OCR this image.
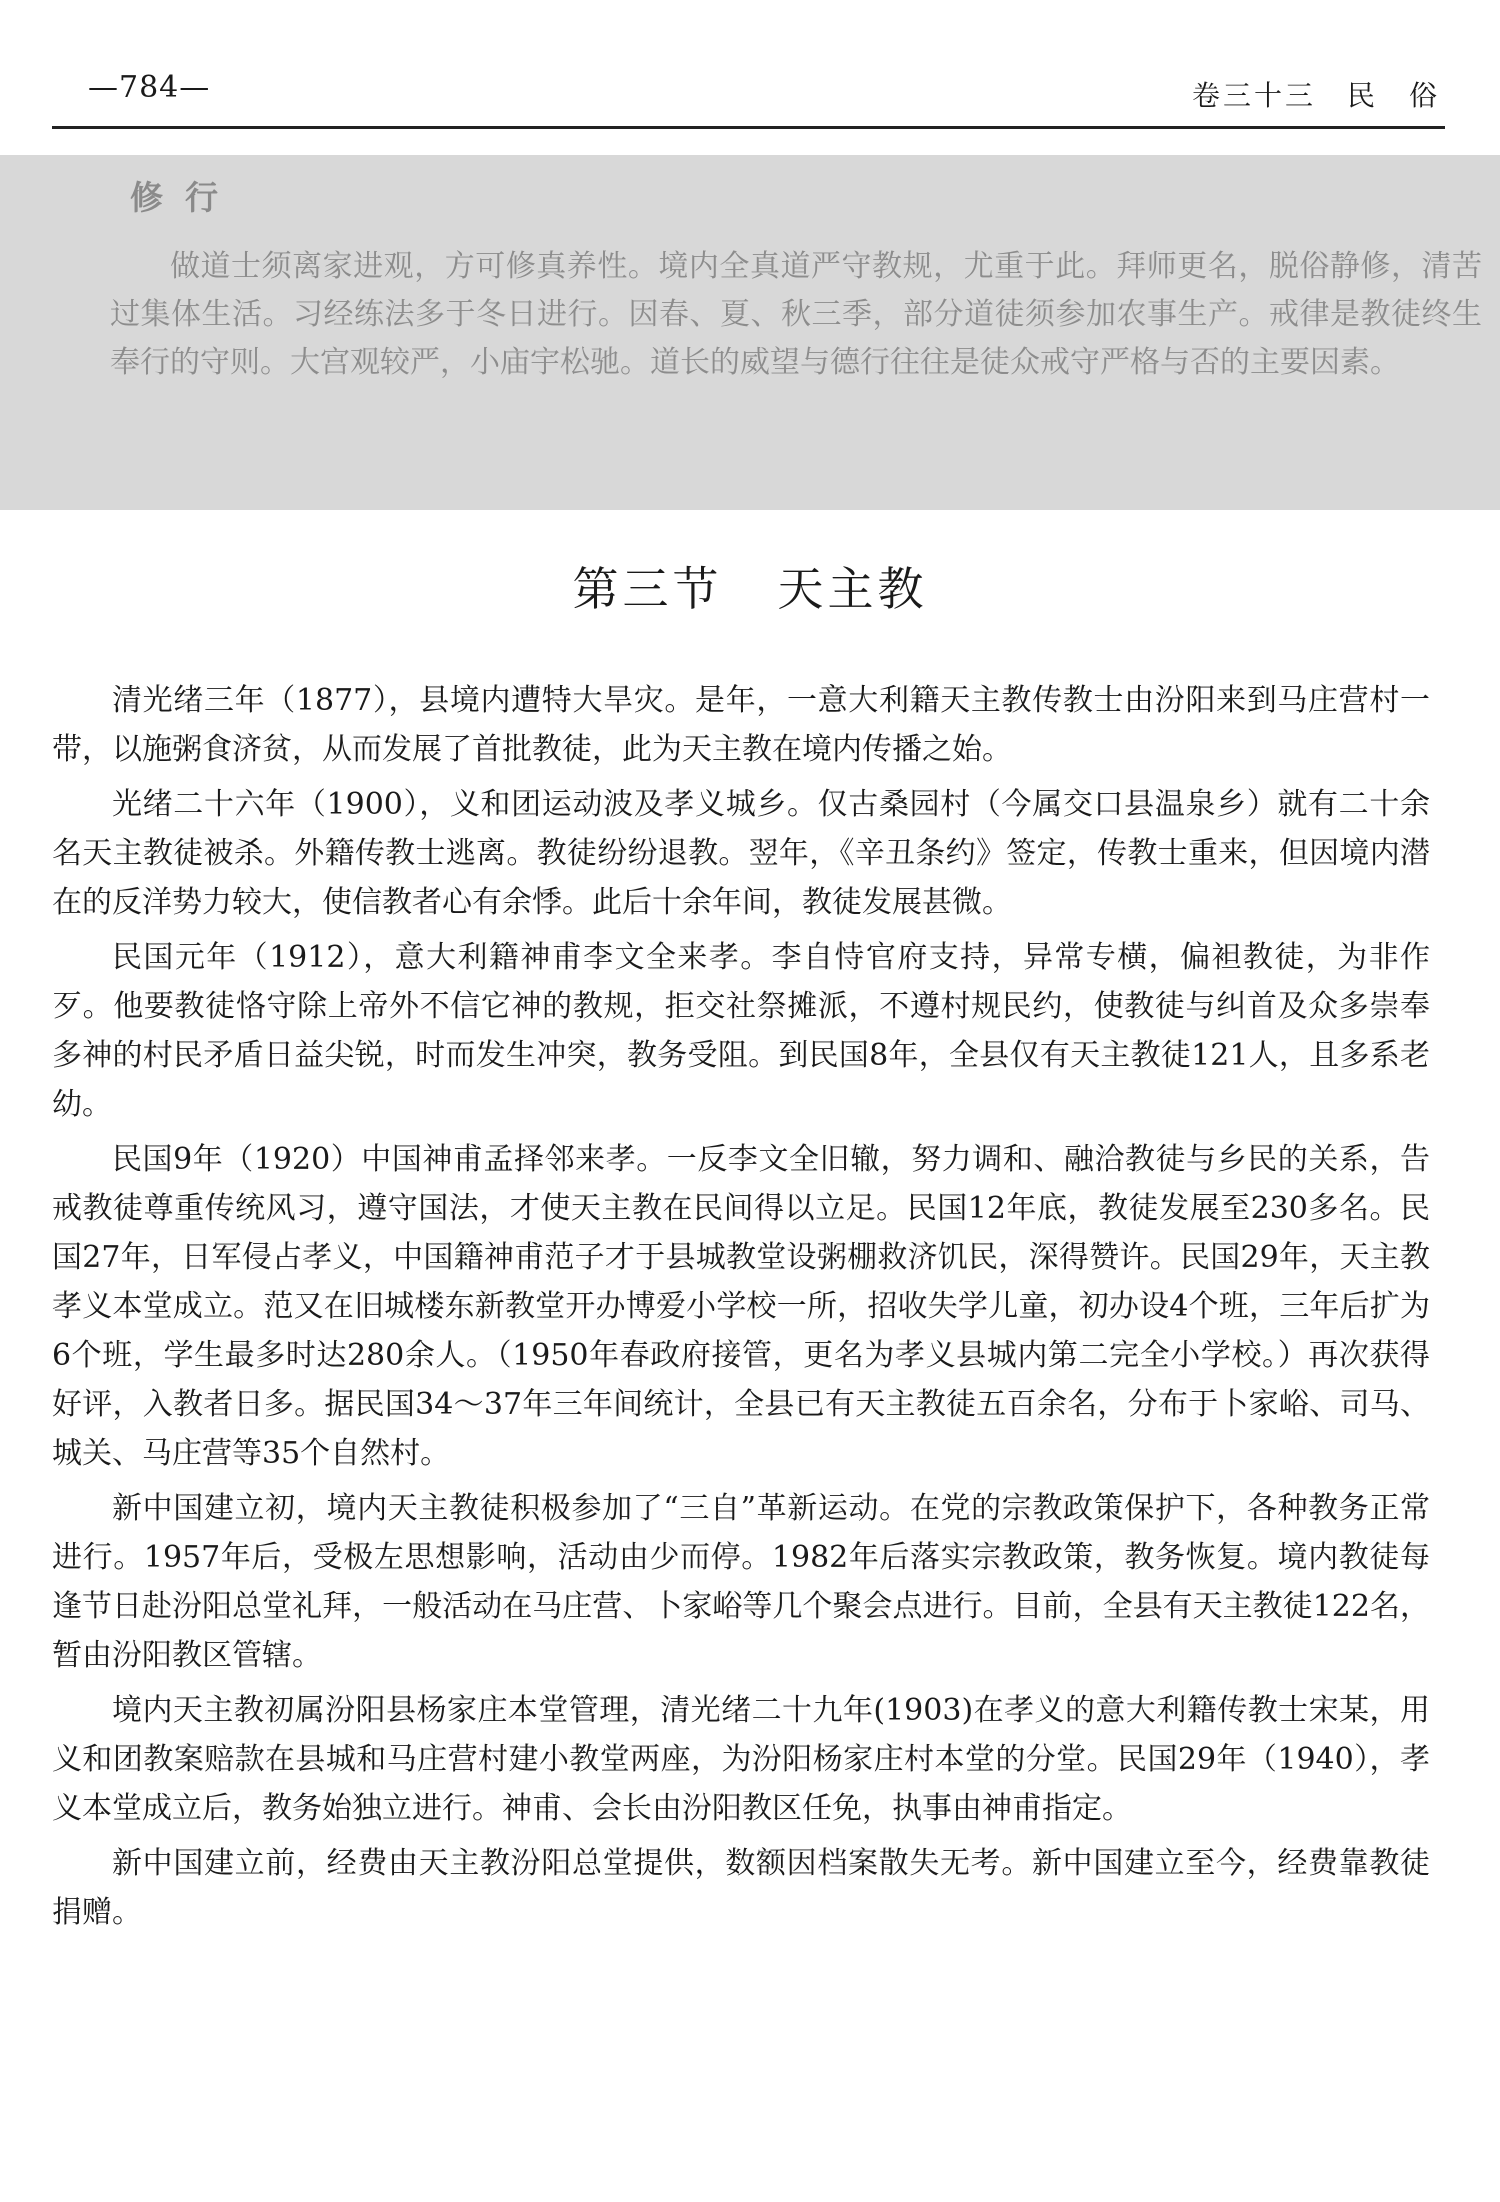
—784—	卷三十三　民　俗
修行
做道士须离家进观，方可修真养性。境内全真道严守教规，尤重于此。拜师更名，脱俗静修，清苦过集体生活。习经练法多于冬日进行。因春、夏、秋三季，部分道徒须参加农事生产。戒律是教徒终生奉行的守则。大宫观较严，小庙宇松驰。道长的威望与德行往往是徒众戒守严格与否的主要因素。
第三节 天主教

清光绪三年（1877），县境内遭特大旱灾。是年，一意大利籍天主教传教士由汾阳来到马庄营村一带，以施粥食济贫，从而发展了首批教徒，此为天主教在境内传播之始。

光绪二十六年（1900），义和团运动波及孝义城乡。仅古桑园村（今属交口县温泉乡）就有二十余名天主教徒被杀。外籍传教士逃离。教徒纷纷退教。翌年，《辛丑条约》签定，传教士重来，但因境内潜在的反洋势力较大，使信教者心有余悸。此后十余年间，教徒发展甚微。

民国元年（1912），意大利籍神甫李文全来孝。李自恃官府支持，异常专横，偏袒教徒，为非作歹。他要教徒恪守除上帝外不信它神的教规，拒交社祭摊派，不遵村规民约，使教徒与纠首及众多崇奉多神的村民矛盾日益尖锐，时而发生冲突，教务受阻。到民国8年，全县仅有天主教徒121人，且多系老幼。

民国9年（1920）中国神甫孟择邻来孝。一反李文全旧辙，努力调和、融洽教徒与乡民的关系，告戒教徒尊重传统风习，遵守国法，才使天主教在民间得以立足。民国12年底，教徒发展至230多名。民国27年，日军侵占孝义，中国籍神甫范子才于县城教堂设粥棚救济饥民，深得赞许。民国29年，天主教孝义本堂成立。范又在旧城楼东新教堂开办博爱小学校一所，招收失学儿童，初办设4个班，三年后扩为6个班，学生最多时达280余人。（1950年春政府接管，更名为孝义县城内第二完全小学校。）再次获得好评，入教者日多。据民国34～37年三年间统计，全县已有天主教徒五百余名，分布于卜家峪、司马、城关、马庄营等35个自然村。

新中国建立初，境内天主教徒积极参加了“三自”革新运动。在党的宗教政策保护下，各种教务正常进行。1957年后，受极左思想影响，活动由少而停。1982年后落实宗教政策，教务恢复。境内教徒每逢节日赴汾阳总堂礼拜，一般活动在马庄营、卜家峪等几个聚会点进行。目前，全县有天主教徒122名，暂由汾阳教区管辖。

境内天主教初属汾阳县杨家庄本堂管理，清光绪二十九年(1903)在孝义的意大利籍传教士宋某，用义和团教案赔款在县城和马庄营村建小教堂两座，为汾阳杨家庄村本堂的分堂。民国29年（1940），孝义本堂成立后，教务始独立进行。神甫、会长由汾阳教区任免，执事由神甫指定。

新中国建立前，经费由天主教汾阳总堂提供，数额因档案散失无考。新中国建立至今，经费靠教徒捐赠。
